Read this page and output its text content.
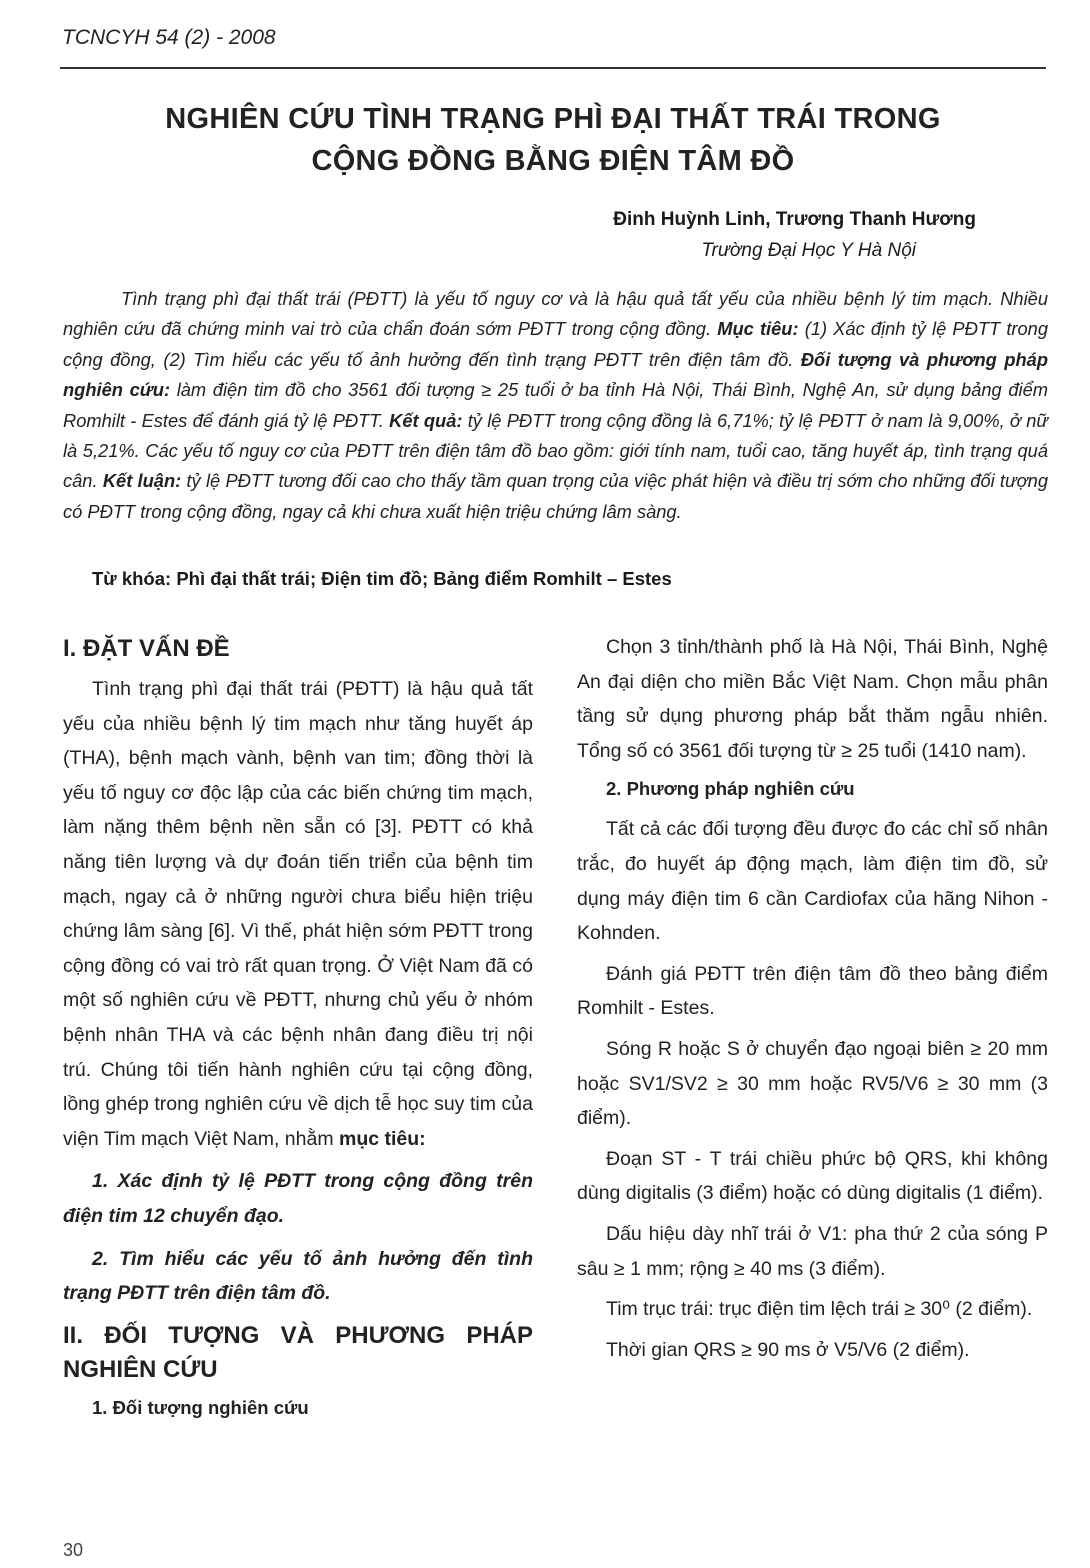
TCNCYH 54 (2) - 2008
NGHIÊN CỨU TÌNH TRẠNG PHÌ ĐẠI THẤT TRÁI TRONG
CỘNG ĐỒNG BẰNG ĐIỆN TÂM ĐỒ
Đinh Huỳnh Linh, Trương Thanh Hương
Trường Đại Học Y Hà Nội

Tình trạng phì đại thất trái (PĐTT) là yếu tố nguy cơ và là hậu quả tất yếu của nhiều bệnh lý tim mạch. Nhiều nghiên cứu đã chứng minh vai trò của chẩn đoán sớm PĐTT trong cộng đồng. Mục tiêu: (1) Xác định tỷ lệ PĐTT trong cộng đồng, (2) Tìm hiểu các yếu tố ảnh hưởng đến tình trạng PĐTT trên điện tâm đồ. Đối tượng và phương pháp nghiên cứu: làm điện tim đồ cho 3561 đối tượng ≥ 25 tuổi ở ba tỉnh Hà Nội, Thái Bình, Nghệ An, sử dụng bảng điểm Romhilt - Estes để đánh giá tỷ lệ PĐTT. Kết quả: tỷ lệ PĐTT trong cộng đồng là 6,71%; tỷ lệ PĐTT ở nam là 9,00%, ở nữ là 5,21%. Các yếu tố nguy cơ của PĐTT trên điện tâm đồ bao gồm: giới tính nam, tuổi cao, tăng huyết áp, tình trạng quá cân. Kết luận: tỷ lệ PĐTT tương đối cao cho thấy tầm quan trọng của việc phát hiện và điều trị sớm cho những đối tượng có PĐTT trong cộng đồng, ngay cả khi chưa xuất hiện triệu chứng lâm sàng.

Từ khóa: Phì đại thất trái; Điện tim đồ; Bảng điểm Romhilt – Estes
I. ĐẶT VẤN ĐỀ

Tình trạng phì đại thất trái (PĐTT) là hậu quả tất yếu của nhiều bệnh lý tim mạch như tăng huyết áp (THA), bệnh mạch vành, bệnh van tim; đồng thời là yếu tố nguy cơ độc lập của các biến chứng tim mạch, làm nặng thêm bệnh nền sẵn có [3]. PĐTT có khả năng tiên lượng và dự đoán tiến triển của bệnh tim mạch, ngay cả ở những người chưa biểu hiện triệu chứng lâm sàng [6]. Vì thế, phát hiện sớm PĐTT trong cộng đồng có vai trò rất quan trọng. Ở Việt Nam đã có một số nghiên cứu về PĐTT, nhưng chủ yếu ở nhóm bệnh nhân THA và các bệnh nhân đang điều trị nội trú. Chúng tôi tiến hành nghiên cứu tại cộng đồng, lồng ghép trong nghiên cứu về dịch tễ học suy tim của viện Tim mạch Việt Nam, nhằm mục tiêu:

1. Xác định tỷ lệ PĐTT trong cộng đồng trên điện tim 12 chuyển đạo.

2. Tìm hiểu các yếu tố ảnh hưởng đến tình trạng PĐTT trên điện tâm đồ.

II. ĐỐI TƯỢNG VÀ PHƯƠNG PHÁP NGHIÊN CỨU
1. Đối tượng nghiên cứu

Chọn 3 tỉnh/thành phố là Hà Nội, Thái Bình, Nghệ An đại diện cho miền Bắc Việt Nam. Chọn mẫu phân tầng sử dụng phương pháp bắt thăm ngẫu nhiên. Tổng số có 3561 đối tượng từ ≥ 25 tuổi (1410 nam).

2. Phương pháp nghiên cứu

Tất cả các đối tượng đều được đo các chỉ số nhân trắc, đo huyết áp động mạch, làm điện tim đồ, sử dụng máy điện tim 6 cần Cardiofax của hãng Nihon - Kohnden.

Đánh giá PĐTT trên điện tâm đồ theo bảng điểm Romhilt - Estes.

Sóng R hoặc S ở chuyển đạo ngoại biên ≥ 20 mm hoặc SV1/SV2 ≥ 30 mm hoặc RV5/V6 ≥ 30 mm (3 điểm).

Đoạn ST - T trái chiều phức bộ QRS, khi không dùng digitalis (3 điểm) hoặc có dùng digitalis (1 điểm).

Dấu hiệu dày nhĩ trái ở V1: pha thứ 2 của sóng P sâu ≥ 1 mm; rộng ≥ 40 ms (3 điểm).

Tim trục trái: trục điện tim lệch trái ≥ 30⁰ (2 điểm).

Thời gian QRS ≥ 90 ms ở V5/V6 (2 điểm).

30
